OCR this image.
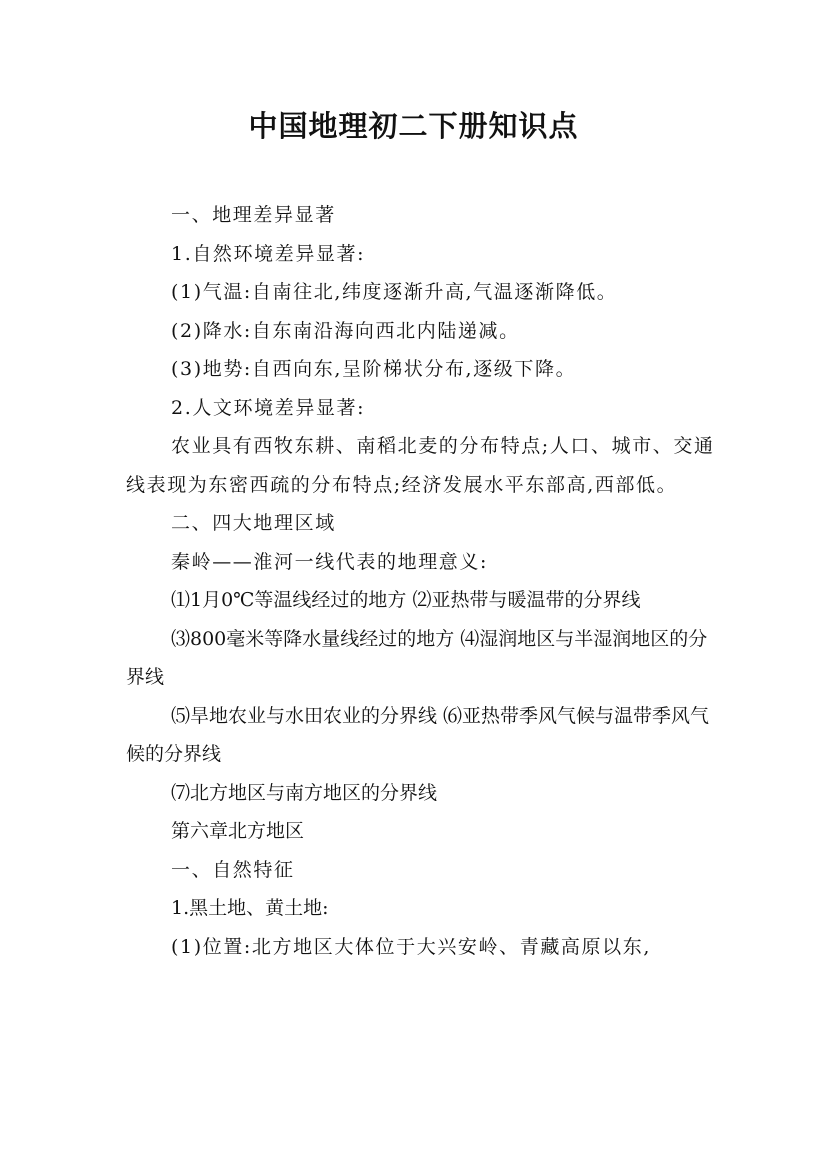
中国地理初二下册知识点

一、地理差异显著

1.自然环境差异显著:

(1)气温:自南往北,纬度逐渐升高,气温逐渐降低。

(2)降水:自东南沿海向西北内陆递减。

(3)地势:自西向东,呈阶梯状分布,逐级下降。

2.人文环境差异显著:

农业具有西牧东耕、南稻北麦的分布特点;人口、城市、交通线表现为东密西疏的分布特点;经济发展水平东部高,西部低。

二、四大地理区域

秦岭——淮河一线代表的地理意义:

⑴1月0℃等温线经过的地方 ⑵亚热带与暖温带的分界线

⑶800毫米等降水量线经过的地方 ⑷湿润地区与半湿润地区的分界线

⑸旱地农业与水田农业的分界线 ⑹亚热带季风气候与温带季风气候的分界线

⑺北方地区与南方地区的分界线

第六章北方地区

一、自然特征

1.黑土地、黄土地:

(1)位置:北方地区大体位于大兴安岭、青藏高原以东,
